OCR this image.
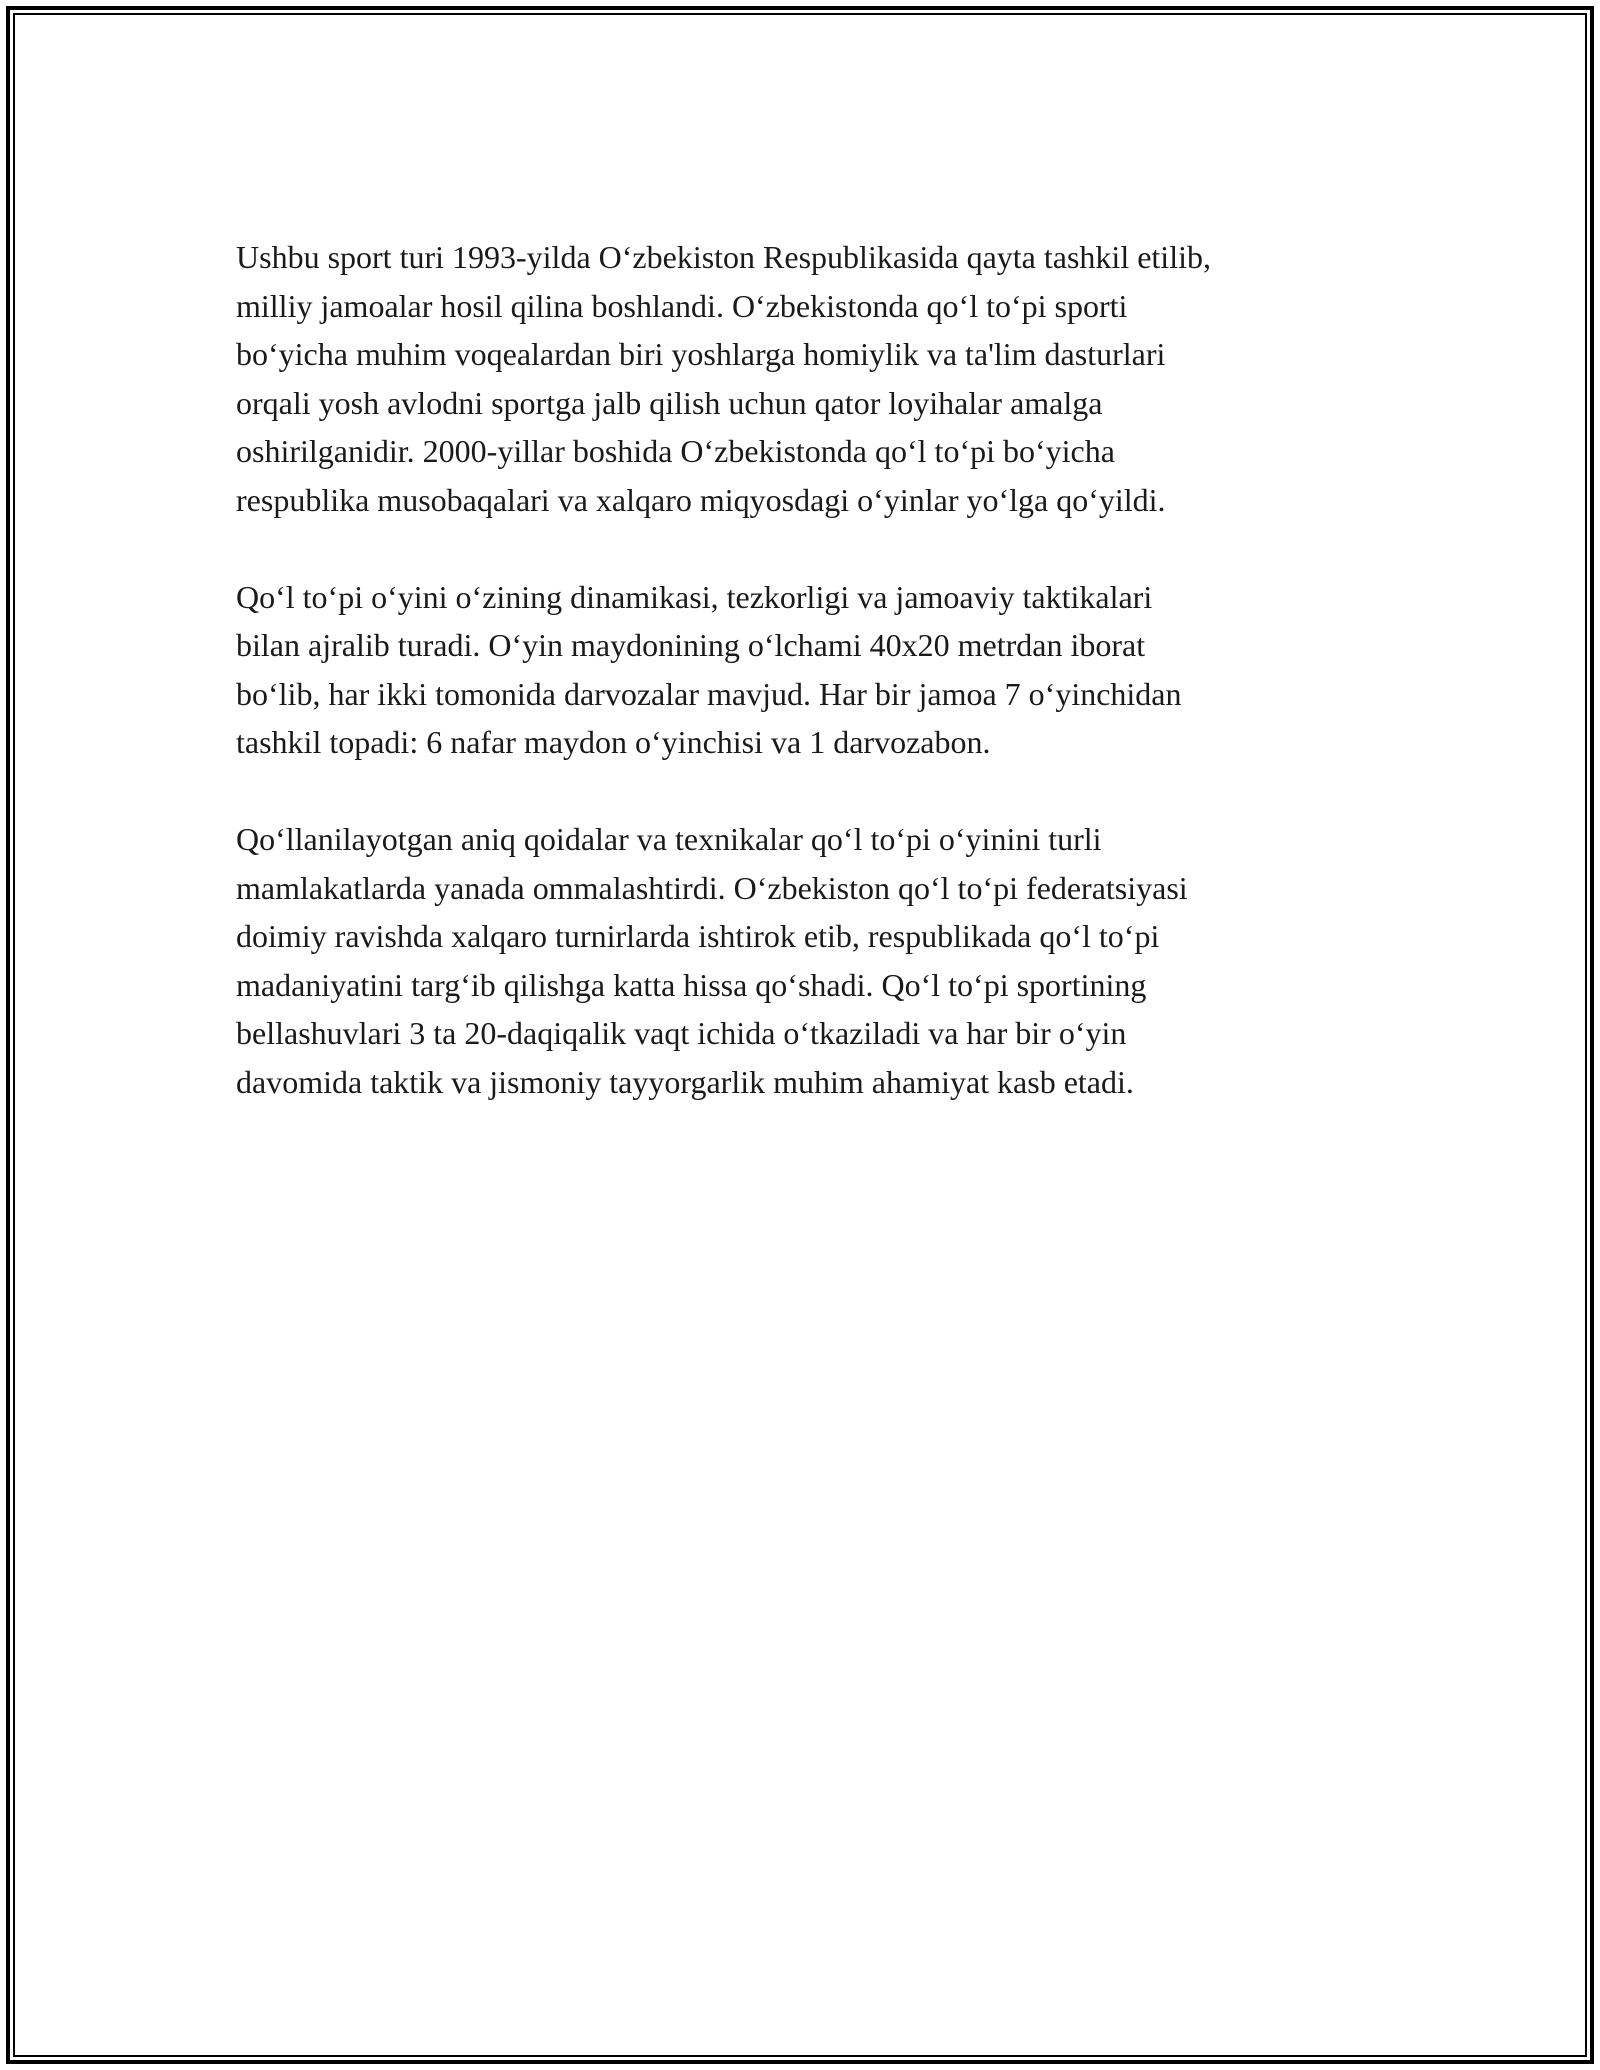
Ushbu sport turi 1993-yilda O‘zbekiston Respublikasida qayta tashkil etilib,
milliy jamoalar hosil qilina boshlandi. O‘zbekistonda qo‘l to‘pi sporti
bo‘yicha muhim voqealardan biri yoshlarga homiylik va ta'lim dasturlari
orqali yosh avlodni sportga jalb qilish uchun qator loyihalar amalga
oshirilganidir. 2000-yillar boshida O‘zbekistonda qo‘l to‘pi bo‘yicha
respublika musobaqalari va xalqaro miqyosdagi o‘yinlar yo‘lga qo‘yildi.
Qo‘l to‘pi o‘yini o‘zining dinamikasi, tezkorligi va jamoaviy taktikalari
bilan ajralib turadi. O‘yin maydonining o‘lchami 40x20 metrdan iborat
bo‘lib, har ikki tomonida darvozalar mavjud. Har bir jamoa 7 o‘yinchidan
tashkil topadi: 6 nafar maydon o‘yinchisi va 1 darvozabon.
Qo‘llanilayotgan aniq qoidalar va texnikalar qo‘l to‘pi o‘yinini turli
mamlakatlarda yanada ommalashtirdi. O‘zbekiston qo‘l to‘pi federatsiyasi
doimiy ravishda xalqaro turnirlarda ishtirok etib, respublikada qo‘l to‘pi
madaniyatini targ‘ib qilishga katta hissa qo‘shadi. Qo‘l to‘pi sportining
bellashuvlari 3 ta 20-daqiqalik vaqt ichida o‘tkaziladi va har bir o‘yin
davomida taktik va jismoniy tayyorgarlik muhim ahamiyat kasb etadi.
